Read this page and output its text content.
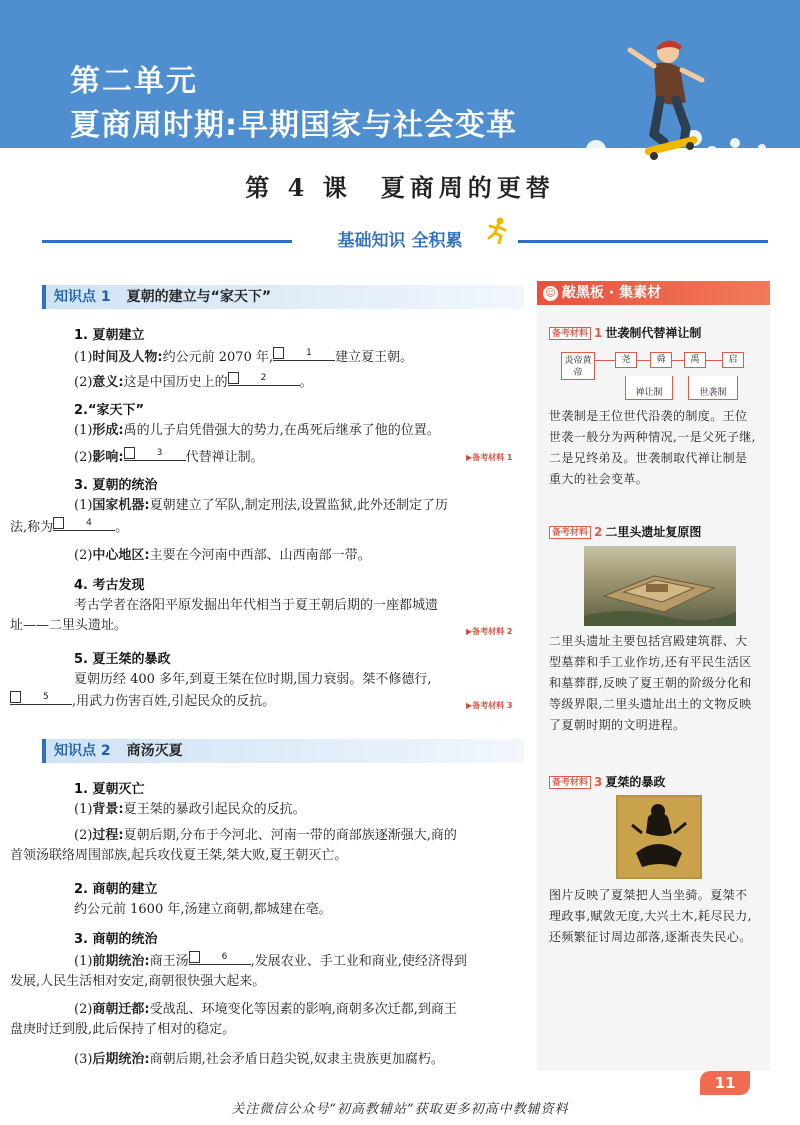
第二单元
夏商周时期:早期国家与社会变革
第 4 课　夏商周的更替
基础知识 全积累
知识点 1 夏朝的建立与“家天下”
1. 夏朝建立
(1)时间及人物:约公元前 2070 年,	1 建立夏王朝。
(2)意义:这是中国历史上的	2	。
2.“家天下”
(1)形成:禹的儿子启凭借强大的势力,在禹死后继承了他的位置。
(2)影响:	3 代替禅让制。	▶备考材料 1
3. 夏朝的统治
(1)国家机器:夏朝建立了军队,制定刑法,设置监狱,此外还制定了历
法,称为	4 。
(2)中心地区:主要在今河南中西部、山西南部一带。
4. 考古发现
考古学者在洛阳平原发掘出年代相当于夏王朝后期的一座都城遗
址——二里头遗址。	▶备考材料 2
5. 夏王桀的暴政
夏朝历经 400 多年,到夏王桀在位时期,国力衰弱。桀不修德行,

5 ,用武力伤害百姓,引起民众的反抗。	▶备考材料 3
知识点 2 商汤灭夏
1. 夏朝灭亡
(1)背景:夏王桀的暴政引起民众的反抗。
(2)过程:夏朝后期,分布于今河北、河南一带的商部族逐渐强大,商的
首领汤联络周围部族,起兵攻伐夏王桀,桀大败,夏王朝灭亡。
2. 商朝的建立
约公元前 1600 年,汤建立商朝,都城建在亳。
3. 商朝的统治
(1)前期统治:商王汤	6 ,发展农业、手工业和商业,使经济得到
发展,人民生活相对安定,商朝很快强大起来。
(2)商朝迁都:受战乱、环境变化等因素的影响,商朝多次迁都,到商王
盘庚时迁到殷,此后保持了相对的稳定。
(3)后期统治:商朝后期,社会矛盾日趋尖锐,奴隶主贵族更加腐朽。
☺ 敲黑板 · 集素材
备考材料 1 世袭制代替禅让制
炎帝黄帝
尧	舜	禹	启
禅让制	世袭制
世袭制是王位世代沿袭的制度。王位世袭一般分为两种情况,一是父死子继,二是兄终弟及。世袭制取代禅让制是重大的社会变革。
备考材料 2 二里头遗址复原图
二里头遗址主要包括宫殿建筑群、大型墓葬和手工业作坊,还有平民生活区和墓葬群,反映了夏王朝的阶级分化和等级界限,二里头遗址出土的文物反映了夏朝时期的文明进程。
备考材料 3 夏桀的暴政
图片反映了夏桀把人当坐骑。夏桀不理政事,赋敛无度,大兴土木,耗尽民力,还频繁征讨周边部落,逐渐丧失民心。
11
关注微信公众号“初高教辅站”获取更多初高中教辅资料
